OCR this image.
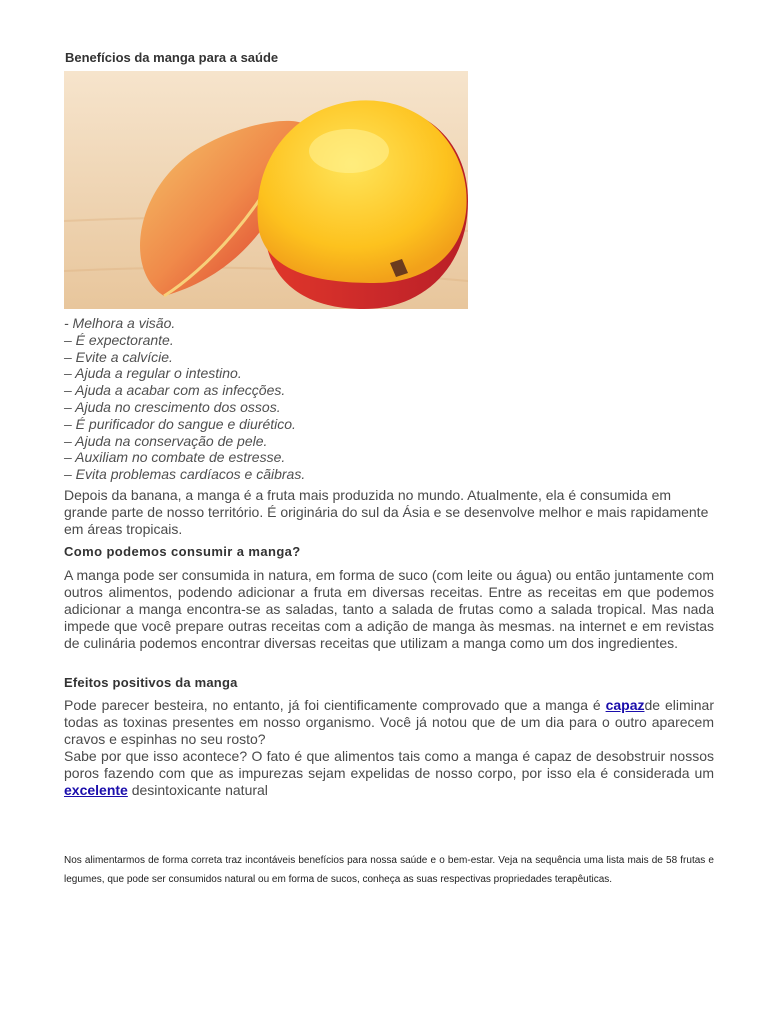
Benefícios da manga para a saúde
- Melhora a visão.
– É expectorante.
– Evite a calvície.
– Ajuda a regular o intestino.
– Ajuda a acabar com as infecções.
– Ajuda no crescimento dos ossos.
– É purificador do sangue e diurético.
– Ajuda na conservação de pele.
– Auxiliam no combate de estresse.
– Evita problemas cardíacos e cãibras.

Depois da banana, a manga é a fruta mais produzida no mundo. Atualmente, ela é consumida em grande parte de nosso território. É originária do sul da Ásia e se desenvolve melhor e mais rapidamente em áreas tropicais.

Como podemos consumir a manga?

A manga pode ser consumida in natura, em forma de suco (com leite ou água) ou então juntamente com outros alimentos, podendo adicionar a fruta em diversas receitas. Entre as receitas em que podemos adicionar a manga encontra-se as saladas, tanto a salada de frutas como a salada tropical. Mas nada impede que você prepare outras receitas com a adição de manga às mesmas. na internet e em revistas de culinária podemos encontrar diversas receitas que utilizam a manga como um dos ingredientes.

Efeitos positivos da manga

Pode parecer besteira, no entanto, já foi cientificamente comprovado que a manga é capazde eliminar todas as toxinas presentes em nosso organismo. Você já notou que de um dia para o outro aparecem cravos e espinhas no seu rosto?
Sabe por que isso acontece? O fato é que alimentos tais como a manga é capaz de desobstruir nossos poros fazendo com que as impurezas sejam expelidas de nosso corpo, por isso ela é considerada um excelente desintoxicante natural

Nos alimentarmos de forma correta traz incontáveis benefícios para nossa saúde e o bem-estar. Veja na sequência uma lista mais de 58 frutas e legumes, que pode ser consumidos natural ou em forma de sucos, conheça as suas respectivas propriedades terapêuticas.
